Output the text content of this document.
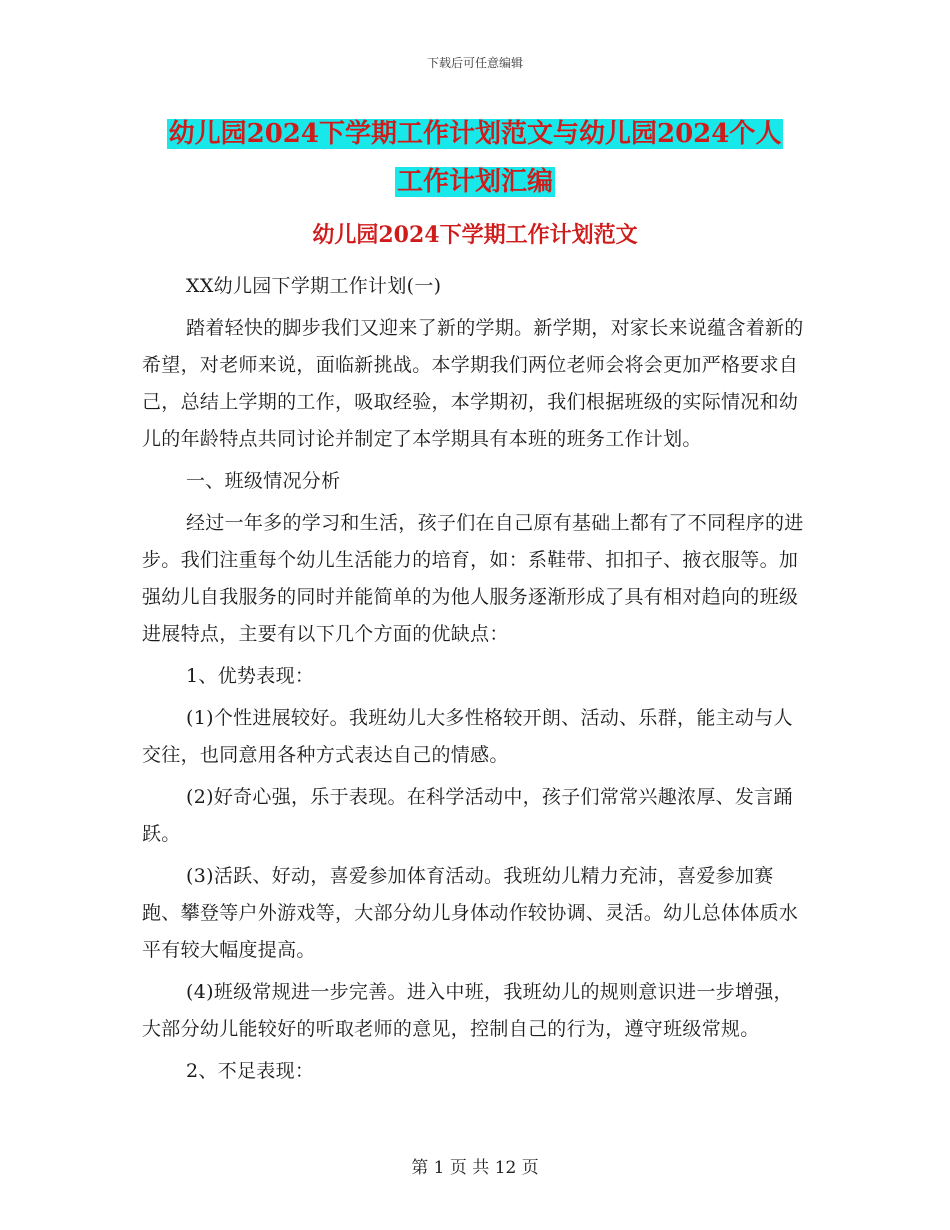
下载后可任意编辑
幼儿园2024下学期工作计划范文与幼儿园2024个人
工作计划汇编
幼儿园2024下学期工作计划范文

XX幼儿园下学期工作计划(一)

踏着轻快的脚步我们又迎来了新的学期。新学期，对家长来说蕴含着新的希望，对老师来说，面临新挑战。本学期我们两位老师会将会更加严格要求自己，总结上学期的工作，吸取经验，本学期初，我们根据班级的实际情况和幼儿的年龄特点共同讨论并制定了本学期具有本班的班务工作计划。

一、班级情况分析

经过一年多的学习和生活，孩子们在自己原有基础上都有了不同程序的进步。我们注重每个幼儿生活能力的培育，如：系鞋带、扣扣子、掖衣服等。加强幼儿自我服务的同时并能简单的为他人服务逐渐形成了具有相对趋向的班级进展特点，主要有以下几个方面的优缺点：

1、优势表现：

(1)个性进展较好。我班幼儿大多性格较开朗、活动、乐群，能主动与人交往，也同意用各种方式表达自己的情感。

(2)好奇心强，乐于表现。在科学活动中，孩子们常常兴趣浓厚、发言踊跃。

(3)活跃、好动，喜爱参加体育活动。我班幼儿精力充沛，喜爱参加赛跑、攀登等户外游戏等，大部分幼儿身体动作较协调、灵活。幼儿总体体质水平有较大幅度提高。

(4)班级常规进一步完善。进入中班，我班幼儿的规则意识进一步增强，大部分幼儿能较好的听取老师的意见，控制自己的行为，遵守班级常规。

2、不足表现：

第 1 页 共 12 页
